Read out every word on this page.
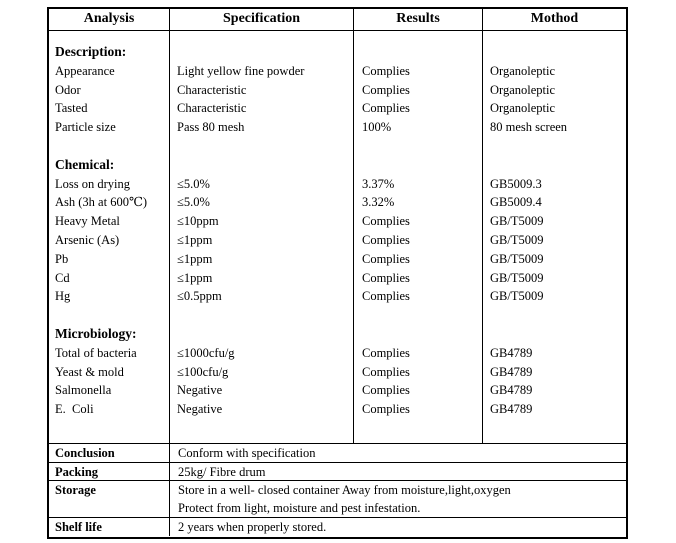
Analysis	Specification	Results	Mothod
Description:
Appearance	Light yellow fine powder	Complies	Organoleptic
Odor	Characteristic	Complies	Organoleptic
Tasted	Characteristic	Complies	Organoleptic
Particle size	Pass 80 mesh	100%	80 mesh screen
Chemical:
Loss on drying	≤5.0%	3.37%	GB5009.3
Ash (3h at 600℃)	≤5.0%	3.32%	GB5009.4
Heavy Metal	≤10ppm	Complies	GB/T5009
Arsenic (As)	≤1ppm	Complies	GB/T5009
Pb	≤1ppm	Complies	GB/T5009
Cd	≤1ppm	Complies	GB/T5009
Hg	≤0.5ppm	Complies	GB/T5009
Microbiology:
Total of bacteria	≤1000cfu/g	Complies	GB4789
Yeast & mold	≤100cfu/g	Complies	GB4789
Salmonella	Negative	Complies	GB4789
E.  Coli	Negative	Complies	GB4789
Conclusion	Conform with specification
Packing	25kg/ Fibre drum
Storage	Store in a well- closed container Away from moisture,light,oxygen
Protect from light, moisture and pest infestation.
Shelf life	2 years when properly stored.
